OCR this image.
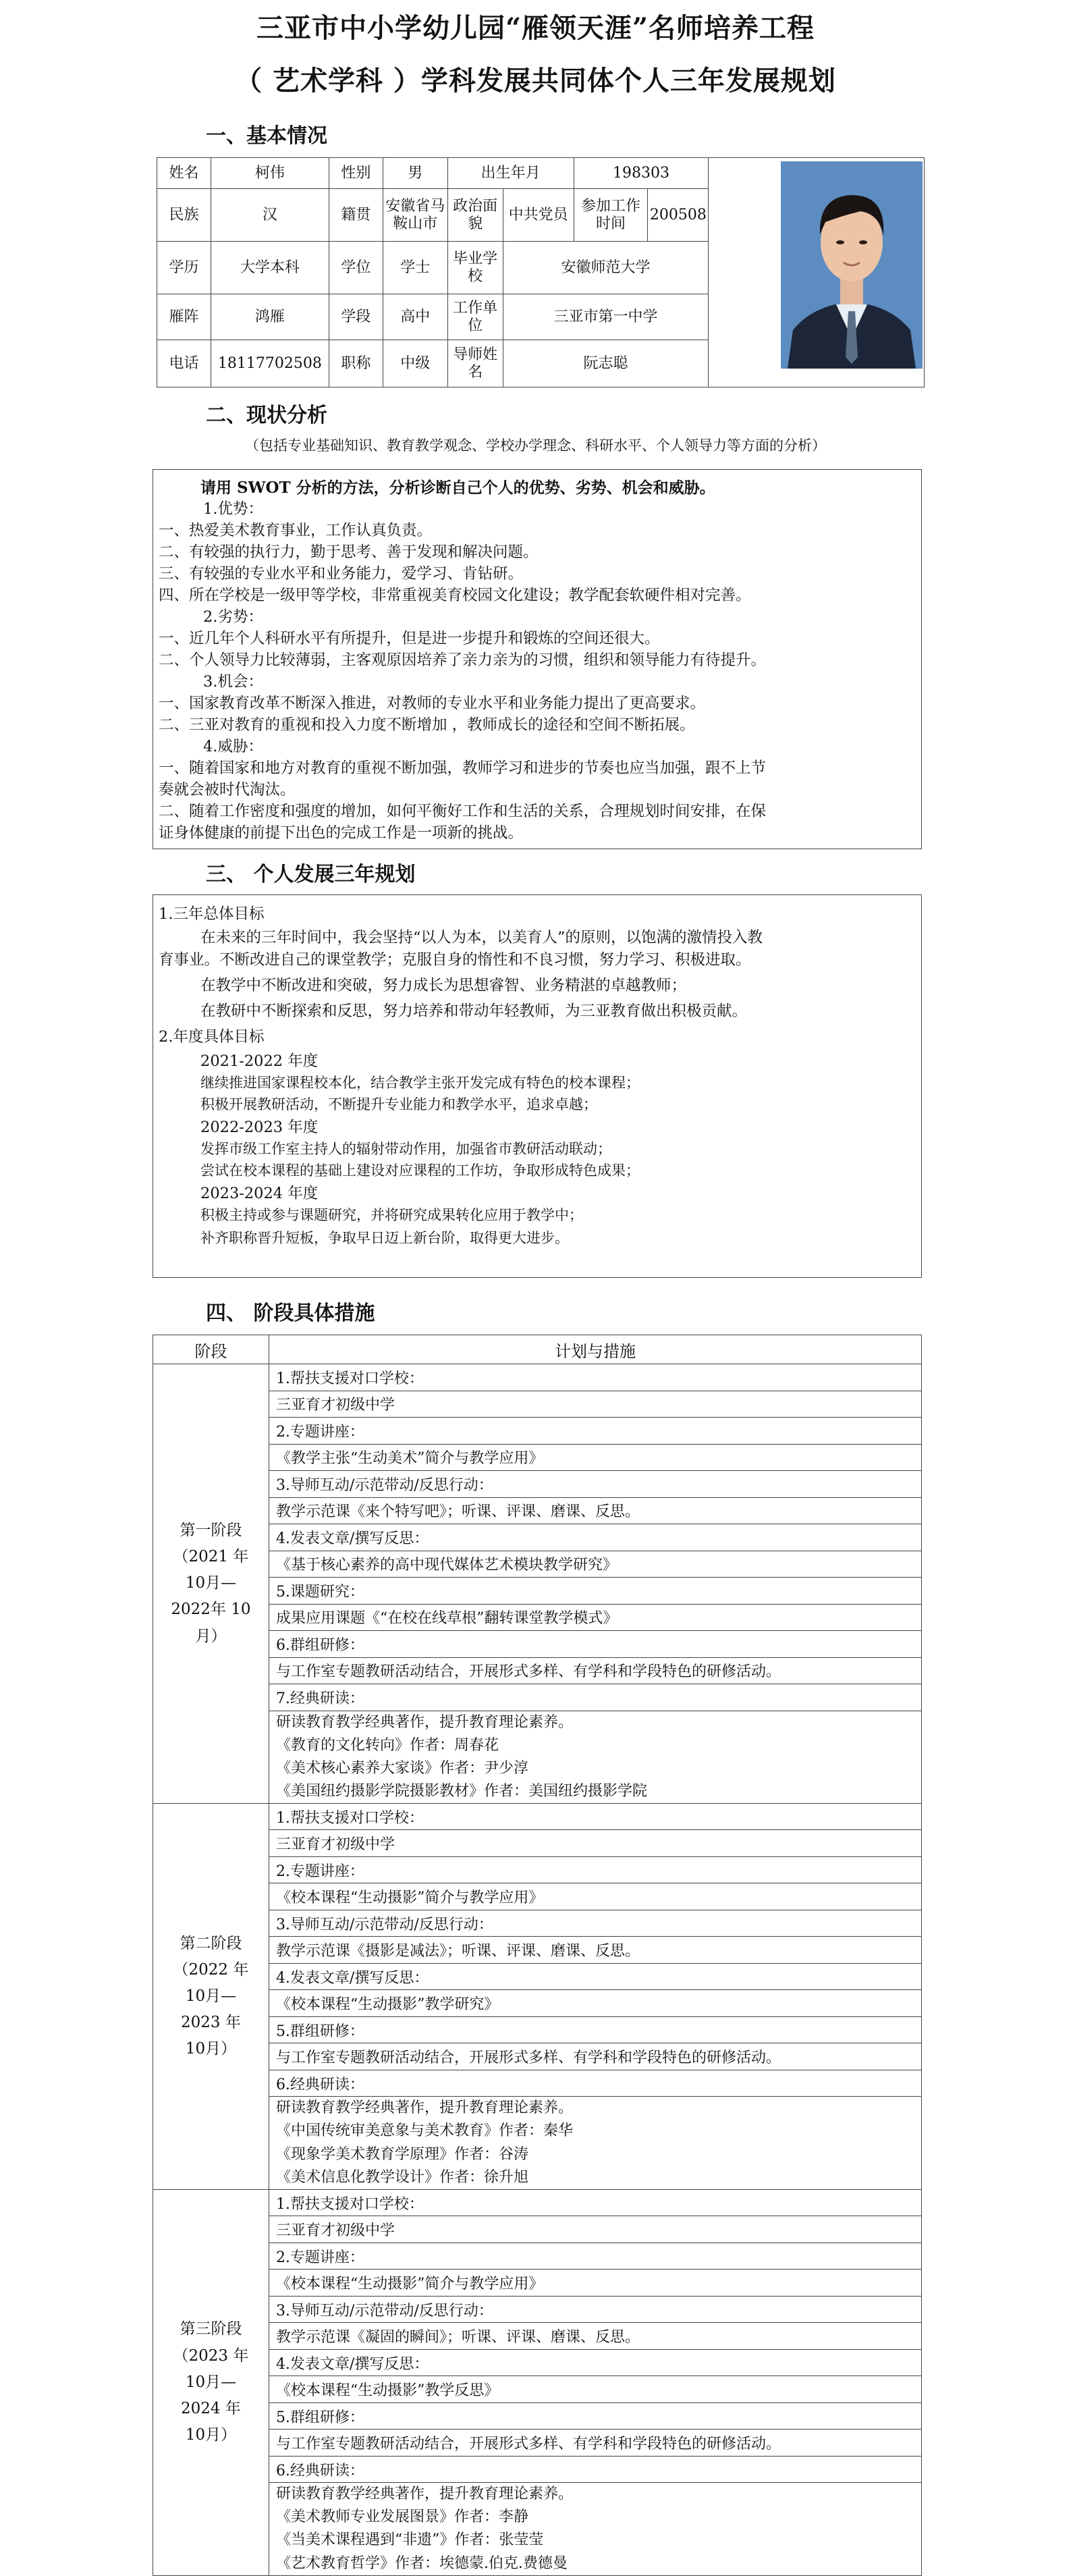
三亚市中小学幼儿园“雁领天涯”名师培养工程
（ 艺术学科 ）学科发展共同体个人三年发展规划
一、基本情况
姓名	柯伟	性别	男	出生年月		198303		
民族	汉	籍贯	安徽省马鞍山市	政治面貌	中共党员	参加工作时间	200508	
学历	大学本科	学位	学士	毕业学校	安徽师范大学			
雁阵	鸿雁	学段	高中	工作单位	三亚市第一中学			
电话	18117702508	职称	中级	导师姓名	阮志聪			
二、现状分析
（包括专业基础知识、教育教学观念、学校办学理念、科研水平、个人领导力等方面的分析）
请用 SWOT 分析的方法，分析诊断自己个人的优势、劣势、机会和威胁。
1.优势：
一、热爱美术教育事业，工作认真负责。
二、有较强的执行力，勤于思考、善于发现和解决问题。
三、有较强的专业水平和业务能力，爱学习、肯钻研。
四、所在学校是一级甲等学校，非常重视美育校园文化建设；教学配套软硬件相对完善。
2.劣势：
一、近几年个人科研水平有所提升，但是进一步提升和锻炼的空间还很大。
二、个人领导力比较薄弱，主客观原因培养了亲力亲为的习惯，组织和领导能力有待提升。
3.机会：
一、国家教育改革不断深入推进，对教师的专业水平和业务能力提出了更高要求。
二、三亚对教育的重视和投入力度不断增加 ，教师成长的途径和空间不断拓展。
4.威胁：
一、随着国家和地方对教育的重视不断加强，教师学习和进步的节奏也应当加强，跟不上节
奏就会被时代淘汰。
二、随着工作密度和强度的增加，如何平衡好工作和生活的关系，合理规划时间安排，在保
证身体健康的前提下出色的完成工作是一项新的挑战。
三、 个人发展三年规划
1.三年总体目标
在未来的三年时间中，我会坚持“以人为本，以美育人”的原则，以饱满的激情投入教
育事业。不断改进自己的课堂教学；克服自身的惰性和不良习惯，努力学习、积极进取。
在教学中不断改进和突破，努力成长为思想睿智、业务精湛的卓越教师；
在教研中不断探索和反思，努力培养和带动年轻教师，为三亚教育做出积极贡献。
2.年度具体目标
2021-2022 年度
继续推进国家课程校本化，结合教学主张开发完成有特色的校本课程；
积极开展教研活动，不断提升专业能力和教学水平，追求卓越；
2022-2023 年度
发挥市级工作室主持人的辐射带动作用，加强省市教研活动联动；
尝试在校本课程的基础上建设对应课程的工作坊，争取形成特色成果；
2023-2024 年度
积极主持或参与课题研究，并将研究成果转化应用于教学中；
补齐职称晋升短板，争取早日迈上新台阶，取得更大进步。
四、 阶段具体措施
阶段	计划与措施

第一阶段（2021 年 10月—2022年 10月）	1.帮扶支援对口学校：
	三亚育才初级中学
	2.专题讲座：
	《教学主张“生动美术”简介与教学应用》
	3.导师互动/示范带动/反思行动：
	教学示范课《来个特写吧》；听课、评课、磨课、反思。
	4.发表文章/撰写反思：
	《基于核心素养的高中现代媒体艺术模块教学研究》
	5.课题研究：
	成果应用课题《“在校在线草根”翻转课堂教学模式》
	6.群组研修：
	与工作室专题教研活动结合，开展形式多样、有学科和学段特色的研修活动。
	7.经典研读：

	研读教育教学经典著作，提升教育理论素养。
《教育的文化转向》作者：周春花
《美术核心素养大家谈》作者：尹少淳
《美国纽约摄影学院摄影教材》作者：美国纽约摄影学院

第二阶段（2022 年 10月—2023 年 10月）	1.帮扶支援对口学校：
	三亚育才初级中学
	2.专题讲座：
	《校本课程“生动摄影”简介与教学应用》
	3.导师互动/示范带动/反思行动：
	教学示范课《摄影是减法》；听课、评课、磨课、反思。
	4.发表文章/撰写反思：
	《校本课程“生动摄影”教学研究》
	5.群组研修：
	与工作室专题教研活动结合，开展形式多样、有学科和学段特色的研修活动。
	6.经典研读：

	研读教育教学经典著作，提升教育理论素养。
《中国传统审美意象与美术教育》作者：秦华
《现象学美术教育学原理》作者：谷涛
《美术信息化教学设计》作者：徐升旭

第三阶段（2023 年 10月—2024 年 10月）	1.帮扶支援对口学校：
	三亚育才初级中学
	2.专题讲座：
	《校本课程“生动摄影”简介与教学应用》
	3.导师互动/示范带动/反思行动：
	教学示范课《凝固的瞬间》；听课、评课、磨课、反思。
	4.发表文章/撰写反思：
	《校本课程“生动摄影”教学反思》
	5.群组研修：
	与工作室专题教研活动结合，开展形式多样、有学科和学段特色的研修活动。
	6.经典研读：

	研读教育教学经典著作，提升教育理论素养。
《美术教师专业发展图景》作者：李静
《当美术课程遇到“非遗”》作者：张莹莹
《艺术教育哲学》作者：埃德蒙.伯克.费德曼
